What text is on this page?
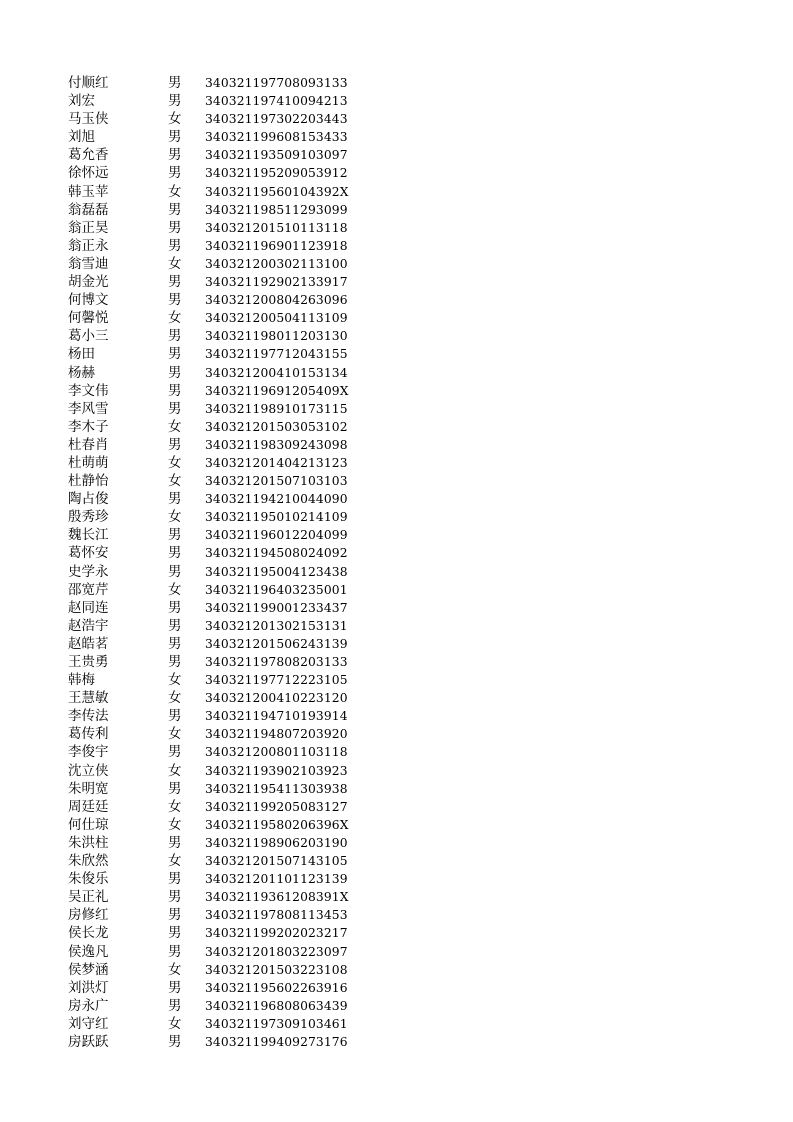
付顺红	男	340321197708093133
刘宏	男	340321197410094213
马玉侠	女	340321197302203443
刘旭	男	340321199608153433
葛允香	男	340321193509103097
徐怀远	男	340321195209053912
韩玉苹	女	34032119560104392X
翁磊磊	男	340321198511293099
翁正昊	男	340321201510113118
翁正永	男	340321196901123918
翁雪迪	女	340321200302113100
胡金光	男	340321192902133917
何博文	男	340321200804263096
何馨悦	女	340321200504113109
葛小三	男	340321198011203130
杨田	男	340321197712043155
杨赫	男	340321200410153134
李文伟	男	34032119691205409X
李风雪	男	340321198910173115
李木子	女	340321201503053102
杜春肖	男	340321198309243098
杜萌萌	女	340321201404213123
杜静怡	女	340321201507103103
陶占俊	男	340321194210044090
殷秀珍	女	340321195010214109
魏长江	男	340321196012204099
葛怀安	男	340321194508024092
史学永	男	340321195004123438
邵宽芹	女	340321196403235001
赵同连	男	340321199001233437
赵浩宇	男	340321201302153131
赵皓茗	男	340321201506243139
王贵勇	男	340321197808203133
韩梅	女	340321197712223105
王慧敏	女	340321200410223120
李传法	男	340321194710193914
葛传利	女	340321194807203920
李俊宇	男	340321200801103118
沈立侠	女	340321193902103923
朱明宽	男	340321195411303938
周廷廷	女	340321199205083127
何仕琼	女	34032119580206396X
朱洪柱	男	340321198906203190
朱欣然	女	340321201507143105
朱俊乐	男	340321201101123139
吴正礼	男	34032119361208391X
房修红	男	340321197808113453
侯长龙	男	340321199202023217
侯逸凡	男	340321201803223097
侯梦涵	女	340321201503223108
刘洪灯	男	340321195602263916
房永广	男	340321196808063439
刘守红	女	340321197309103461
房跃跃	男	340321199409273176
